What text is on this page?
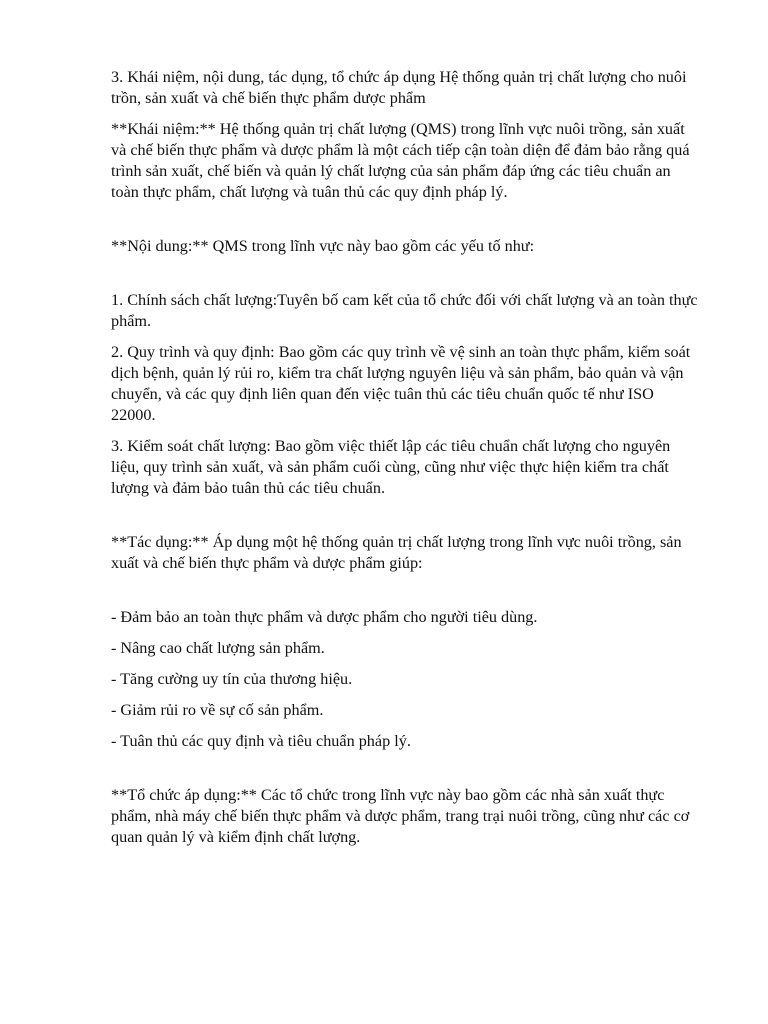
3. Khái niệm, nội dung, tác dụng, tổ chức áp dụng Hệ thống quản trị chất lượng cho nuôi trồn, sản xuất và chế biến thực phẩm dược phẩm

**Khái niệm:** Hệ thống quản trị chất lượng (QMS) trong lĩnh vực nuôi trồng, sản xuất và chế biến thực phẩm và dược phẩm là một cách tiếp cận toàn diện để đảm bảo rằng quá trình sản xuất, chế biến và quản lý chất lượng của sản phẩm đáp ứng các tiêu chuẩn an toàn thực phẩm, chất lượng và tuân thủ các quy định pháp lý.

**Nội dung:** QMS trong lĩnh vực này bao gồm các yếu tố như:

1. Chính sách chất lượng:Tuyên bố cam kết của tổ chức đối với chất lượng và an toàn thực phẩm.

2. Quy trình và quy định: Bao gồm các quy trình về vệ sinh an toàn thực phẩm, kiểm soát dịch bệnh, quản lý rủi ro, kiểm tra chất lượng nguyên liệu và sản phẩm, bảo quản và vận chuyển, và các quy định liên quan đến việc tuân thủ các tiêu chuẩn quốc tế như ISO 22000.

3. Kiểm soát chất lượng: Bao gồm việc thiết lập các tiêu chuẩn chất lượng cho nguyên liệu, quy trình sản xuất, và sản phẩm cuối cùng, cũng như việc thực hiện kiểm tra chất lượng và đảm bảo tuân thủ các tiêu chuẩn.

**Tác dụng:** Áp dụng một hệ thống quản trị chất lượng trong lĩnh vực nuôi trồng, sản xuất và chế biến thực phẩm và dược phẩm giúp:

- Đảm bảo an toàn thực phẩm và dược phẩm cho người tiêu dùng.

- Nâng cao chất lượng sản phẩm.

- Tăng cường uy tín của thương hiệu.

- Giảm rủi ro về sự cố sản phẩm.

- Tuân thủ các quy định và tiêu chuẩn pháp lý.

**Tổ chức áp dụng:** Các tổ chức trong lĩnh vực này bao gồm các nhà sản xuất thực phẩm, nhà máy chế biến thực phẩm và dược phẩm, trang trại nuôi trồng, cũng như các cơ quan quản lý và kiểm định chất lượng.
